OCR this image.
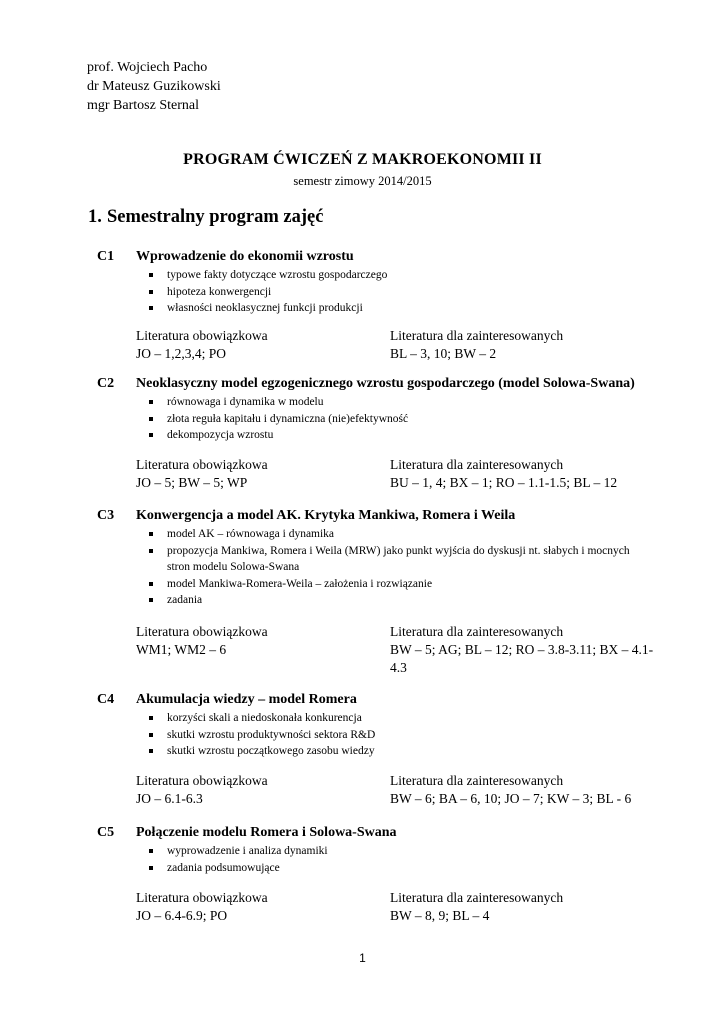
prof. Wojciech Pacho
dr Mateusz Guzikowski
mgr Bartosz Sternal
PROGRAM ĆWICZEŃ Z MAKROEKONOMII II
semestr zimowy 2014/2015
1. Semestralny program zajęć
C1 Wprowadzenie do ekonomii wzrostu
typowe fakty dotyczące wzrostu gospodarczego
hipoteza konwergencji
własności neoklasycznej funkcji produkcji
Literatura obowiązkowa
JO – 1,2,3,4; PO
Literatura dla zainteresowanych
BL – 3, 10; BW – 2
C2 Neoklasyczny model egzogenicznego wzrostu gospodarczego (model Solowa-Swana)
równowaga i dynamika w modelu
złota reguła kapitału i dynamiczna (nie)efektywność
dekompozycja wzrostu
Literatura obowiązkowa
JO – 5; BW – 5; WP
Literatura dla zainteresowanych
BU – 1, 4; BX – 1; RO – 1.1-1.5; BL – 12
C3 Konwergencja a model AK. Krytyka Mankiwa, Romera i Weila
model AK – równowaga i dynamika
propozycja Mankiwa, Romera i Weila (MRW) jako punkt wyjścia do dyskusji nt. słabych i mocnych stron modelu Solowa-Swana
model Mankiwa-Romera-Weila – założenia i rozwiązanie
zadania
Literatura obowiązkowa
WM1; WM2 – 6
Literatura dla zainteresowanych
BW – 5; AG; BL – 12; RO – 3.8-3.11; BX – 4.1-4.3
C4 Akumulacja wiedzy – model Romera
korzyści skali a niedoskonała konkurencja
skutki wzrostu produktywności sektora R&D
skutki wzrostu początkowego zasobu wiedzy
Literatura obowiązkowa
JO – 6.1-6.3
Literatura dla zainteresowanych
BW – 6; BA – 6, 10; JO – 7; KW – 3; BL - 6
C5 Połączenie modelu Romera i Solowa-Swana
wyprowadzenie i analiza dynamiki
zadania podsumowujące
Literatura obowiązkowa
JO – 6.4-6.9; PO
Literatura dla zainteresowanych
BW – 8, 9; BL – 4
1
